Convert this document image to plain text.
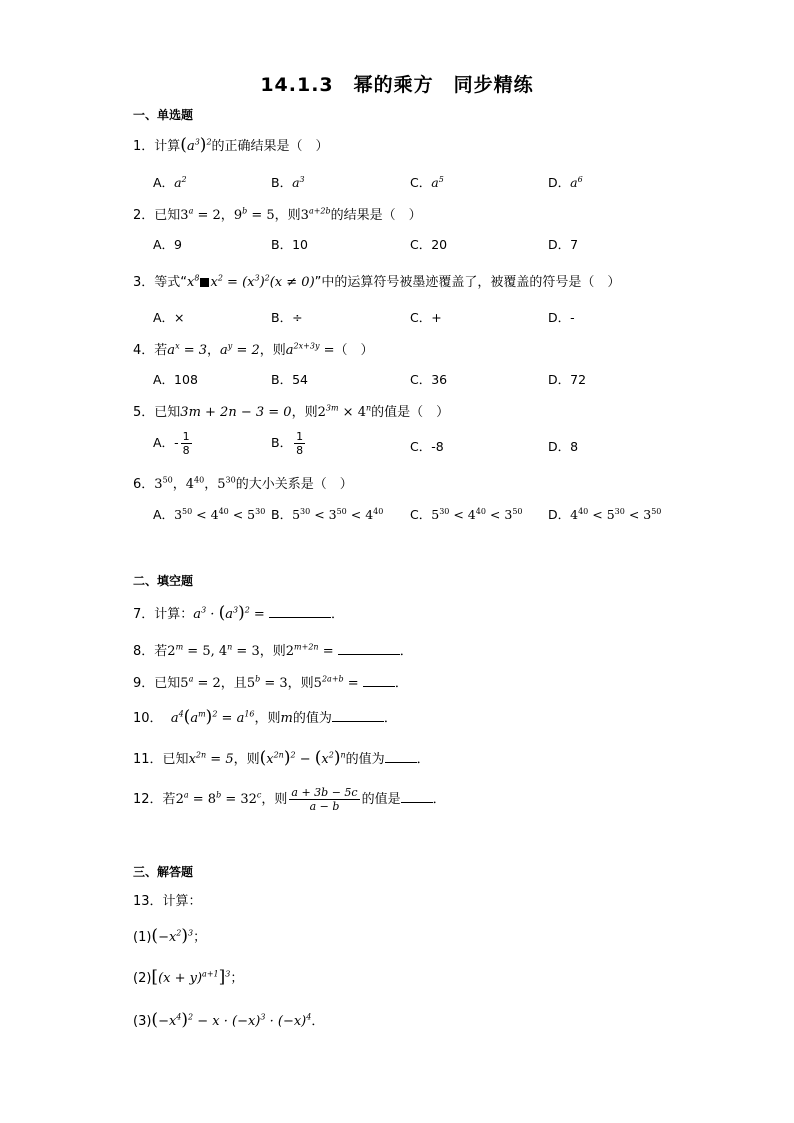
14.1.3　幂的乘方　同步精练
一、单选题
1．计算$(a^3)^2$的正确结果是（　）
A．$a^2$	B．$a^3$	C．$a^5$	D．$a^6$
2．已知$3^a = 2$，$9^b = 5$，则$3^{a+2b}$的结果是（　）
A．9	B．10	C．20	D．7
3．等式“$x^8$ $x^2 = (x^3)^2(x \ne 0)$”中的运算符号被墨迹覆盖了，被覆盖的符号是（　）
A．×	B．÷	C．+	D．-
4．若$a^x = 3$，$a^y = 2$，则$a^{2x+3y}$ =（　）
A．108	B．54	C．36	D．72
5．已知3m + 2n − 3 = 0，则$2^{3m} \times 4^n$的值是（　）
A．- $\frac{1}{8}$	B． $\frac{1}{8}$	C．-8	D．8
6．$3^{50}$，$4^{40}$，$5^{30}$的大小关系是（　）
A．$3^{50} < 4^{40} < 5^{30}$ B．$5^{30} < 3^{50} < 4^{40}$ C．$5^{30} < 4^{40} < 3^{50}$ D．$4^{40} < 5^{30} < 3^{50}$
二、填空题
7．计算：$a^3 \cdot (a^3)^2$ =	．
8．若$2^m = 5$, $4^n = 3$，则$2^{m+2n}$ =	．
9．已知$5^a = 2$，且$5^b = 3$，则$5^{2a+b}$ = ．
10． $a^4(a^m)^2 = a^{16}$，则m的值为	．
11．已知$x^{2n} = 5$，则$(x^{2n})^2 - (x^2)^n$的值为 ．
12．若$2^a = 8^b = 32^c$，则 $\frac{a + 3b - 5c}{a - b}$ 的值是 ．
三、解答题
13．计算：
$(1)(-x^2)^3$；
$(2)[(x + y)^{a+1}]^3$；
$(3)(-x^4)^2 - x \cdot (-x)^3 \cdot (-x)^4$．
